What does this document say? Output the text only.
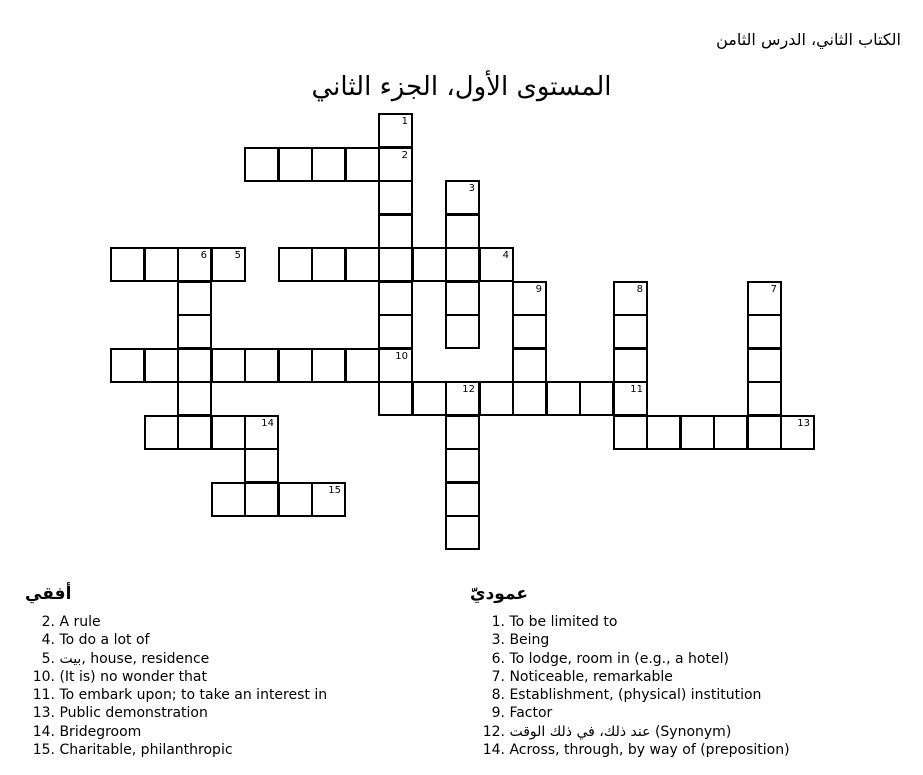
الكتاب الثاني، الدرس الثامن
المستوى الأول، الجزء الثاني
1
2
3
6	5	4
9	8	7
10
12	11
14	13
15
أفقي
2. A rule
4. To do a lot of
5. بيت, house, residence
10. (It is) no wonder that
11. To embark upon; to take an interest in
13. Public demonstration
14. Bridegroom
15. Charitable, philanthropic
عموديّ
1. To be limited to
3. Being
6. To lodge, room in (e.g., a hotel)
7. Noticeable, remarkable
8. Establishment, (physical) institution
9. Factor
12. عند ذلك، في ذلك الوقت (Synonym)
14. Across, through, by way of (preposition)
